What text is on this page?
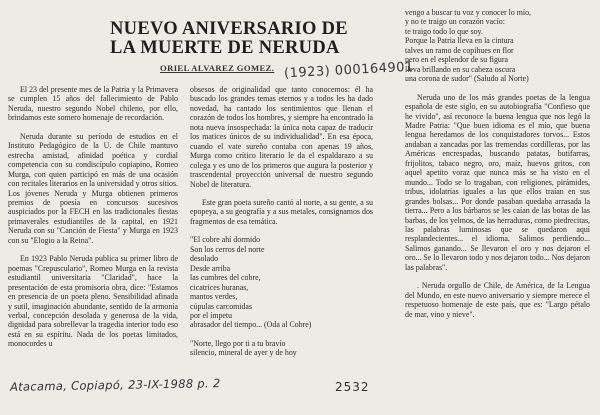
NUEVO ANIVERSARIO DE
LA MUERTE DE NERUDA
ORIEL ALVAREZ GOMEZ. (1923) 000164901

El 23 del presente mes de la Patria y la Primavera se cumplen 15 años del fallecimiento de Pablo Neruda, nuestro segundo Nobel chileno, por ello, brindamos este somero homenaje de recordación.

Neruda durante su período de estudios en el Instituto Pedagógico de la U. de Chile mantuvo estrecha amistad, afinidad poética y cordial competencia con su condiscípulo copiapino, Romeo Murga, con quien participó en más de una ocasión con recitales literarios en la universidad y otros sitios. Los jóvenes Neruda y Murga obtienen primeros premios de poesía en concursos sucesivos auspiciados por la FECH en las tradicionales fiestas primaverales estudiantiles de la capital, en 1921 Neruda con su "Canción de Fiesta" y Murga en 1923 con su "Elogio a la Reina".

En 1923 Pablo Neruda publica su primer libro de poemas "Crepusculario", Romeo Murga en la revista estudiantil universitaria "Claridad", hace la presentación de esta promisoria obra, dice: "Estamos en presencia de un poeta pleno. Sensibilidad afinada y sutil, imaginación abundante, sentido de la armonía verbal, concepción desolada y generosa de la vida, dignidad para sobrellevar la tragedia interior todo eso está en su espíritu. Nada de los poetas limitados, monocordes u

obsesos de originalidad que tanto conocemos: él ha buscado los grandes temas eternos y a todos les ha dado novedad, ha cantado los sentimientos que llenan el corazón de todos los hombres, y siempre ha encontrado la nota nueva insospechada: la única nota capaz de traducir los matices únicos de su individualidad". En esa época, cuando el vate sureño contaba con apenas 19 años, Murga como crítico literario le da el espaldarazo a su colega y es uno de los primeros que augura la posterior y trascendental proyección universal de nuestro segundo Nobel de literatura.

Este gran poeta sureño cantó al norte, a su gente, a su epopeya, a su geografía y a sus metales, consignamos dos fragmentos de esa temática.

"El cobre ahí dormido
Son los cerros del norte
desolado
Desde arriba
las cumbres del cobre,
cicatrices huranas,
mantos verdes,
cúpulas carcomidas
por el ímpetu
abrasador del tiempo... (Oda al Cobre)
"Norte, llego por ti a tu bravío
silencio, mineral de ayer y de hoy
vengo a buscar tu voz y conocer lo mío,
y no te traigo un corazón vacío:
te traigo todo lo que soy.
Porque la Patria lleva en la cintura
talves un ramo de copihues en flor
pero en el esplendor de su figura
lleva brillando en su cabeza oscura
una corona de sudor" (Saludo al Norte)

Neruda uno de los más grandes poetas de la lengua española de este siglo, en su autobiografía "Confieso que he vivido", así reconoce la buena lengua que nos legó la Madre Patria: "Que buen idioma es el mío, que buena lengua heredamos de los conquistadores torvos... Estos andaban a zancadas por las tremendas cordilleras, por las Américas encrespadas, buscando patatas, butifarras, frijolitos, tabaco negro, oro, maíz, huevos gritos, con aquel apetito voraz que nunca más se ha visto en el mundo... Todo se lo tragaban, con religiones, pirámides, tribus, idolatrías iguales a las que ellos traían en sus grandes bolsas... Por donde pasaban quedaba arrasada la tierra... Pero a los bárbaros se les caían de las botas de las barbas, de los yelmos, de las herraduras, como piedrecitas, las palabras luminosas que se quedaron aquí resplandecientes... el idioma. Salimos perdiendo... Salimos ganando... Se llevaron el oro y nos dejaron el oro... Se lo llevaron todo y nos dejaron todo... Nos dejaron las palabras".

. Neruda orgullo de Chile, de América, de la Lengua del Mundo, en este nuevo aniversario y siempre merece el respetuoso homenaje de este país, que es: "Largo pétalo de mar, vino y nieve".

Atacama, Copiapó, 23-IX-1988 p. 2	2532
